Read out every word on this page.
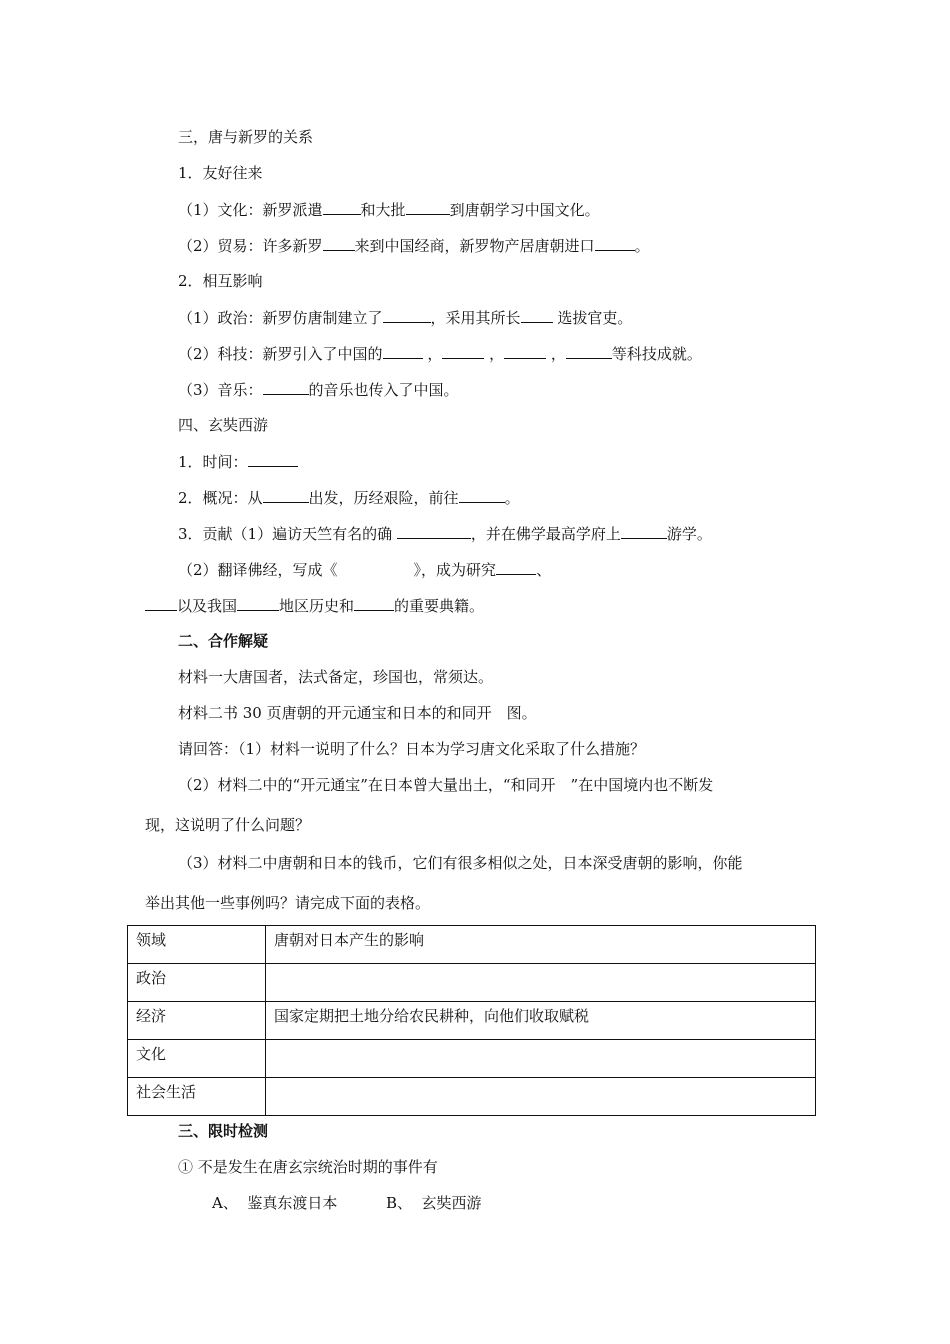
三，唐与新罗的关系
1．友好往来
（1）文化：新罗派遣	和大批	到唐朝学习中国文化。
（2）贸易：许多新罗 来到中国经商，新罗物产居唐朝进口	。
2．相互影响
（1）政治：新罗仿唐制建立了	，采用其所长 选拔官吏。
（2）科技：新罗引入了中国的	，	，	，	等科技成就。
（3）音乐：	的音乐也传入了中国。
四、玄奘西游
1．时间：
2．概况：从	出发，历经艰险，前往	。
3．贡献（1）遍访天竺有名的确	，并在佛学最高学府上	游学。
（2）翻译佛经，写成《	》，成为研究	、
以及我国	地区历史和	的重要典籍。
二、合作解疑
材料一大唐国者，法式备定，珍国也，常须达。
材料二书 30 页唐朝的开元通宝和日本的和同开　图。
请回答：（1）材料一说明了什么？日本为学习唐文化采取了什么措施？
（2）材料二中的“开元通宝”在日本曾大量出土，“和同开　”在中国境内也不断发
现，这说明了什么问题？
（3）材料二中唐朝和日本的钱币，它们有很多相似之处，日本深受唐朝的影响，你能
举出其他一些事例吗？请完成下面的表格。
领域	唐朝对日本产生的影响
政治	
经济	国家定期把土地分给农民耕种，向他们收取赋税
文化	
社会生活	
三、限时检测
① 不是发生在唐玄宗统治时期的事件有
A、  鉴真东渡日本	B、  玄奘西游
